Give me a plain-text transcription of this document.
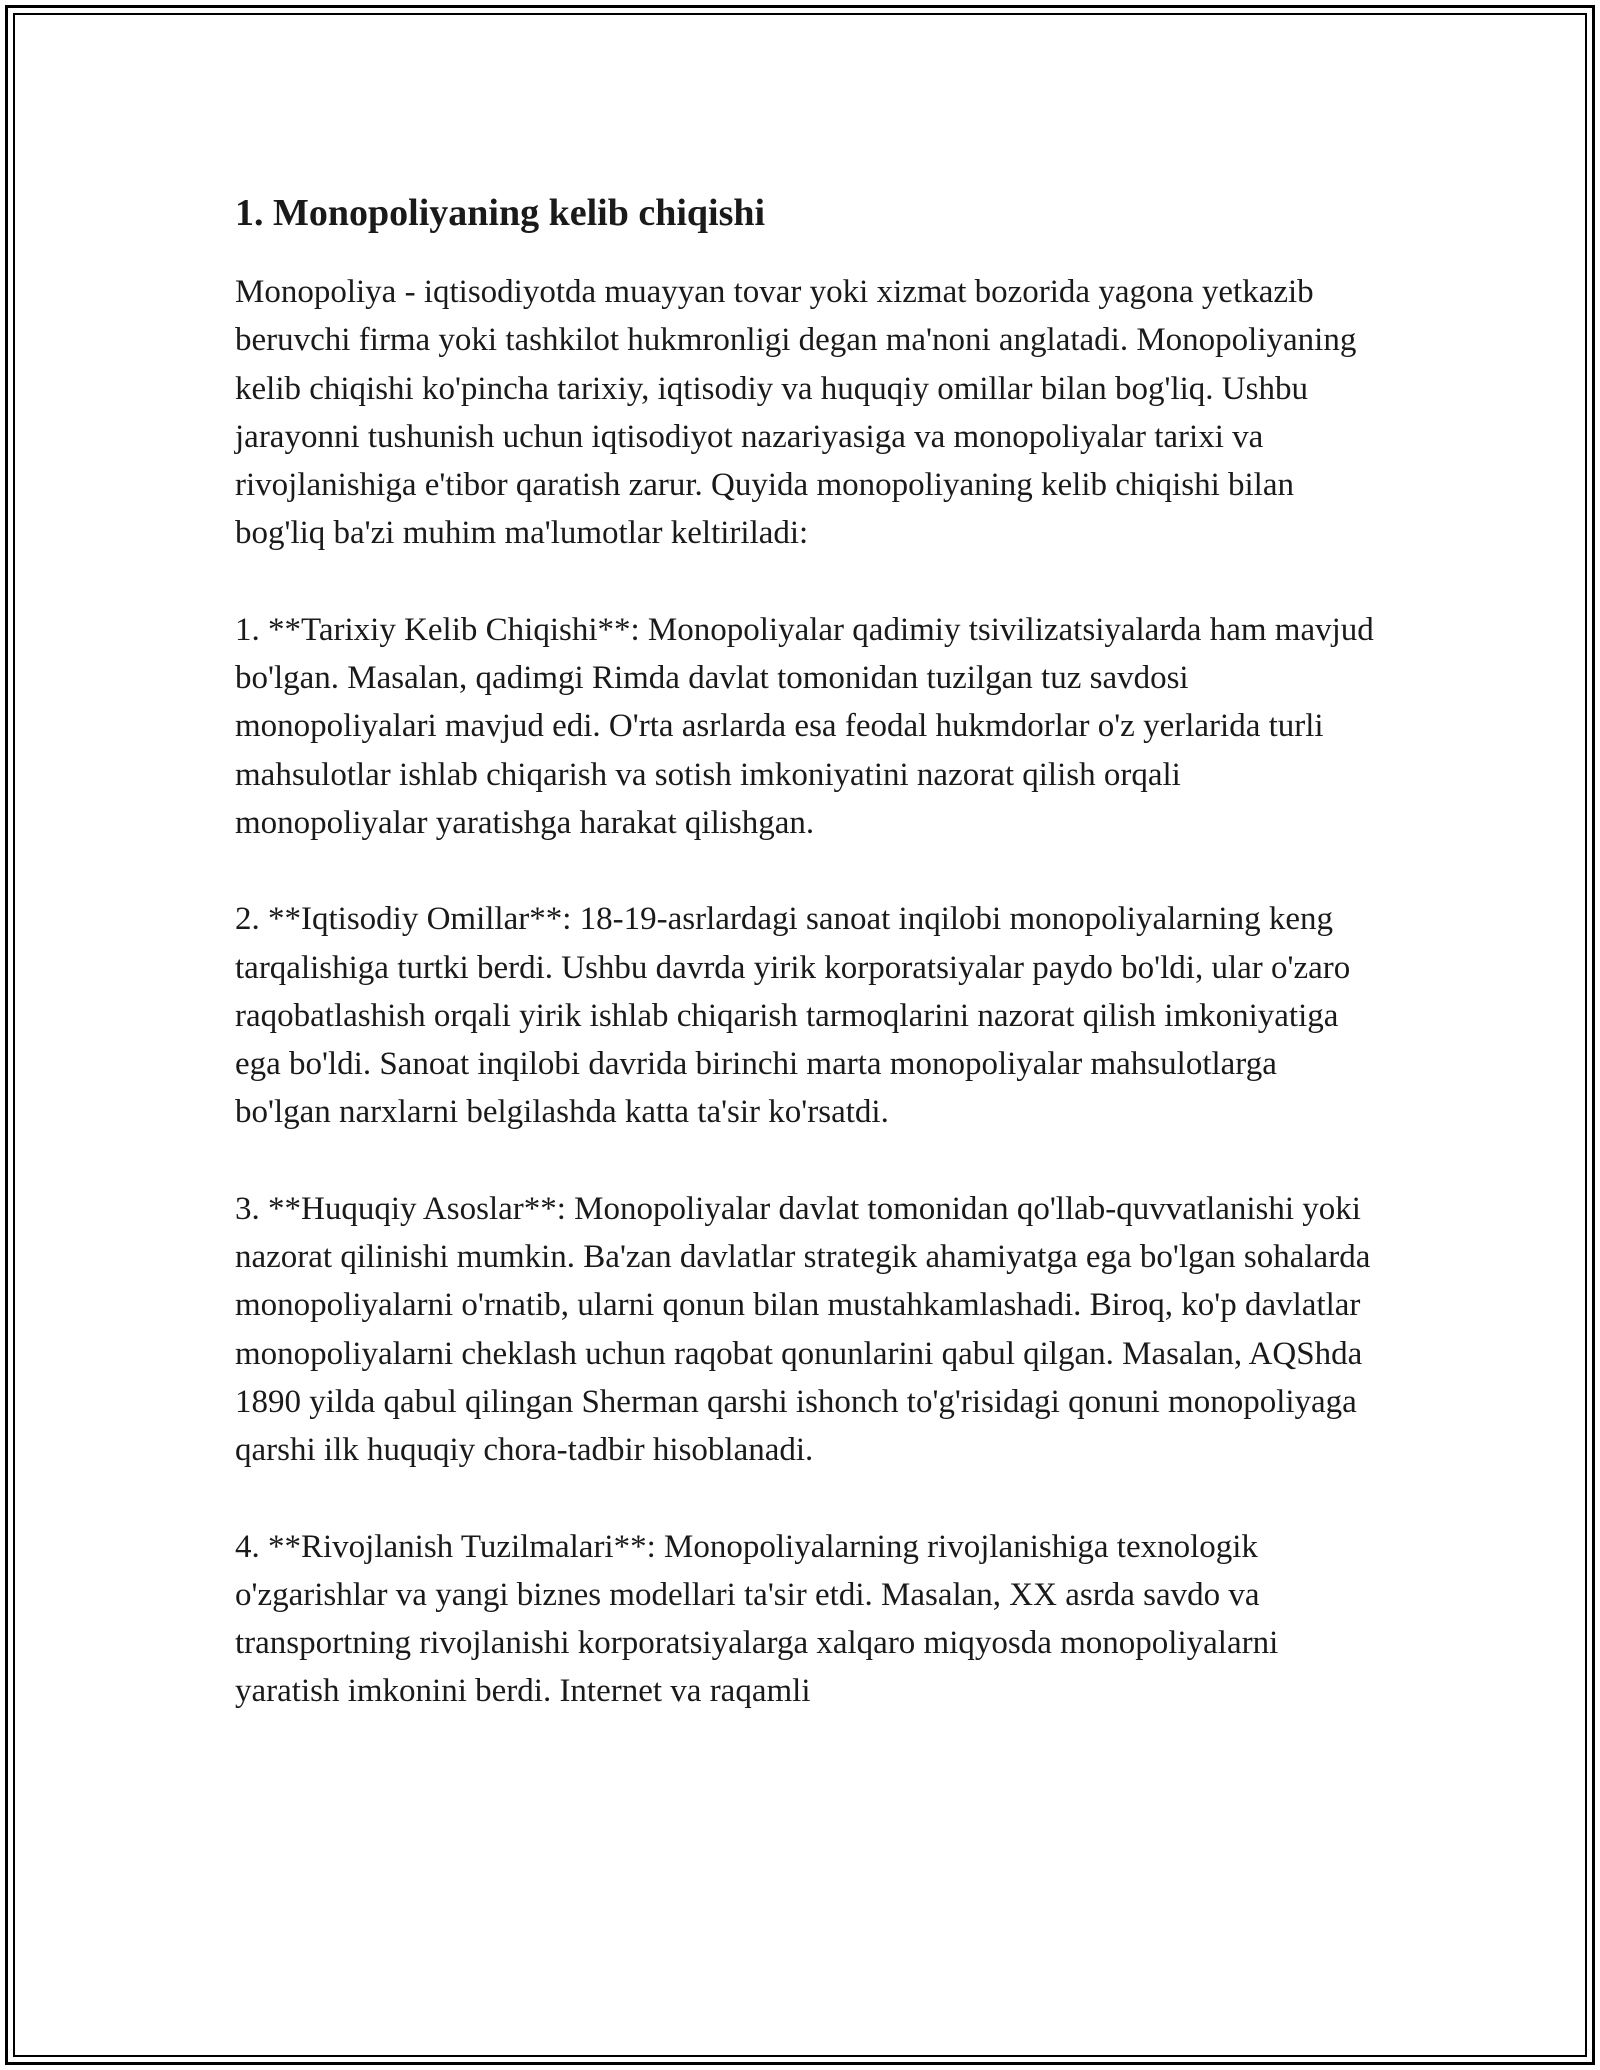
1. Monopoliyaning kelib chiqishi

Monopoliya - iqtisodiyotda muayyan tovar yoki xizmat bozorida yagona yetkazib beruvchi firma yoki tashkilot hukmronligi degan ma'noni anglatadi. Monopoliyaning kelib chiqishi ko'pincha tarixiy, iqtisodiy va huquqiy omillar bilan bog'liq. Ushbu jarayonni tushunish uchun iqtisodiyot nazariyasiga va monopoliyalar tarixi va rivojlanishiga e'tibor qaratish zarur. Quyida monopoliyaning kelib chiqishi bilan bog'liq ba'zi muhim ma'lumotlar keltiriladi:

1. **Tarixiy Kelib Chiqishi**: Monopoliyalar qadimiy tsivilizatsiyalarda ham mavjud bo'lgan. Masalan, qadimgi Rimda davlat tomonidan tuzilgan tuz savdosi monopoliyalari mavjud edi. O'rta asrlarda esa feodal hukmdorlar o'z yerlarida turli mahsulotlar ishlab chiqarish va sotish imkoniyatini nazorat qilish orqali monopoliyalar yaratishga harakat qilishgan.

2. **Iqtisodiy Omillar**: 18-19-asrlardagi sanoat inqilobi monopoliyalarning keng tarqalishiga turtki berdi. Ushbu davrda yirik korporatsiyalar paydo bo'ldi, ular o'zaro raqobatlashish orqali yirik ishlab chiqarish tarmoqlarini nazorat qilish imkoniyatiga ega bo'ldi. Sanoat inqilobi davrida birinchi marta monopoliyalar mahsulotlarga bo'lgan narxlarni belgilashda katta ta'sir ko'rsatdi.

3. **Huquqiy Asoslar**: Monopoliyalar davlat tomonidan qo'llab-quvvatlanishi yoki nazorat qilinishi mumkin. Ba'zan davlatlar strategik ahamiyatga ega bo'lgan sohalarda monopoliyalarni o'rnatib, ularni qonun bilan mustahkamlashadi. Biroq, ko'p davlatlar monopoliyalarni cheklash uchun raqobat qonunlarini qabul qilgan. Masalan, AQShda 1890 yilda qabul qilingan Sherman qarshi ishonch to'g'risidagi qonuni monopoliyaga qarshi ilk huquqiy chora-tadbir hisoblanadi.

4. **Rivojlanish Tuzilmalari**: Monopoliyalarning rivojlanishiga texnologik o'zgarishlar va yangi biznes modellari ta'sir etdi. Masalan, XX asrda savdo va transportning rivojlanishi korporatsiyalarga xalqaro miqyosda monopoliyalarni yaratish imkonini berdi. Internet va raqamli
